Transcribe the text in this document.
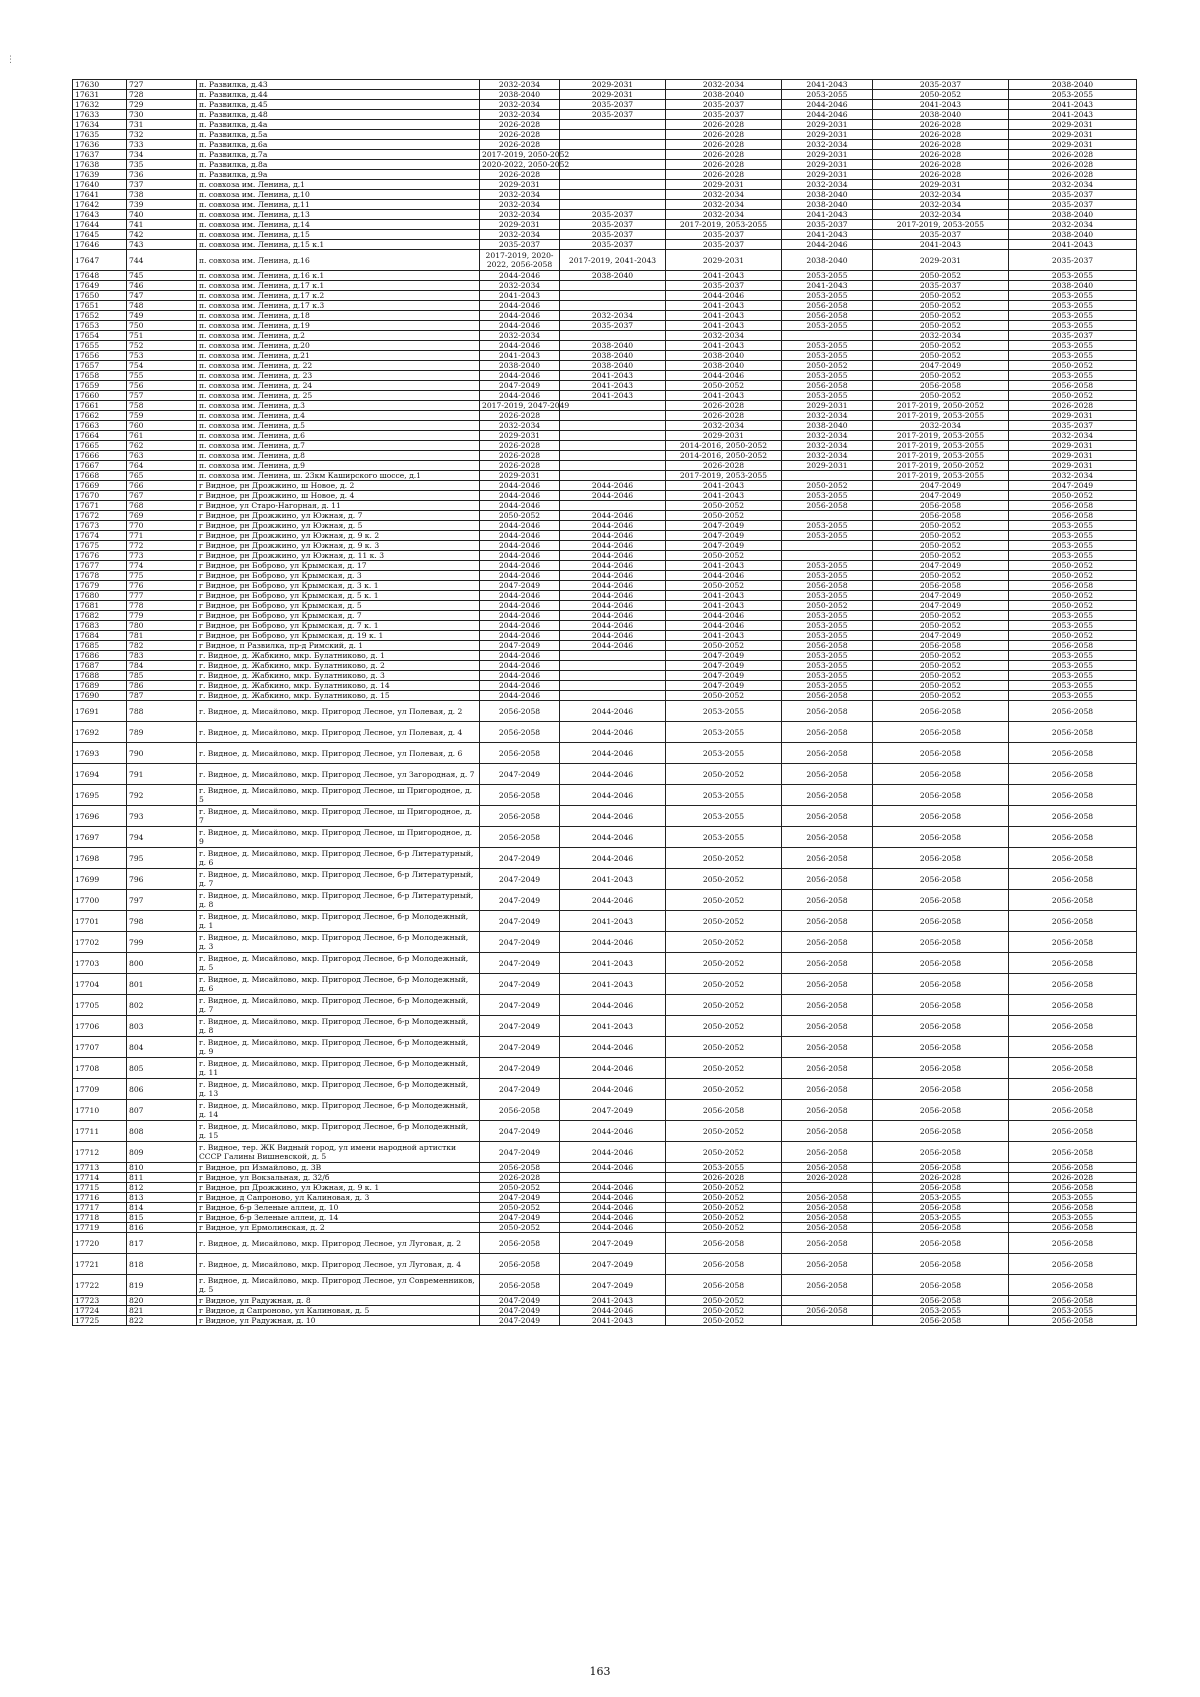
⋮
17630	727	п. Развилка, д.43	2032-2034	2029-2031	2032-2034	2041-2043	2035-2037	2038-2040
17631	728	п. Развилка, д.44	2038-2040	2029-2031	2038-2040	2053-2055	2050-2052	2053-2055
17632	729	п. Развилка, д.45	2032-2034	2035-2037	2035-2037	2044-2046	2041-2043	2041-2043
17633	730	п. Развилка, д.48	2032-2034	2035-2037	2035-2037	2044-2046	2038-2040	2041-2043
17634	731	п. Развилка, д.4а	2026-2028		2026-2028	2029-2031	2026-2028	2029-2031
17635	732	п. Развилка, д.5а	2026-2028		2026-2028	2029-2031	2026-2028	2029-2031
17636	733	п. Развилка, д.6а	2026-2028		2026-2028	2032-2034	2026-2028	2029-2031
17637	734	п. Развилка, д.7а	2017-2019, 2050-2052		2026-2028	2029-2031	2026-2028	2026-2028
17638	735	п. Развилка, д.8а	2020-2022, 2050-2052		2026-2028	2029-2031	2026-2028	2026-2028
17639	736	п. Развилка, д.9а	2026-2028		2026-2028	2029-2031	2026-2028	2026-2028
17640	737	п. совхоза им. Ленина, д.1	2029-2031		2029-2031	2032-2034	2029-2031	2032-2034
17641	738	п. совхоза им. Ленина, д.10	2032-2034		2032-2034	2038-2040	2032-2034	2035-2037
17642	739	п. совхоза им. Ленина, д.11	2032-2034		2032-2034	2038-2040	2032-2034	2035-2037
17643	740	п. совхоза им. Ленина, д.13	2032-2034	2035-2037	2032-2034	2041-2043	2032-2034	2038-2040
17644	741	п. совхоза им. Ленина, д.14	2029-2031	2035-2037	2017-2019, 2053-2055	2035-2037	2017-2019, 2053-2055	2032-2034
17645	742	п. совхоза им. Ленина, д.15	2032-2034	2035-2037	2035-2037	2041-2043	2035-2037	2038-2040
17646	743	п. совхоза им. Ленина, д.15 к.1	2035-2037	2035-2037	2035-2037	2044-2046	2041-2043	2041-2043
17647	744	п. совхоза им. Ленина, д.16	2017-2019, 2020-2022, 2056-2058	2017-2019, 2041-2043	2029-2031	2038-2040	2029-2031	2035-2037
17648	745	п. совхоза им. Ленина, д.16 к.1	2044-2046	2038-2040	2041-2043	2053-2055	2050-2052	2053-2055
17649	746	п. совхоза им. Ленина, д.17 к.1	2032-2034		2035-2037	2041-2043	2035-2037	2038-2040
17650	747	п. совхоза им. Ленина, д.17 к.2	2041-2043		2044-2046	2053-2055	2050-2052	2053-2055
17651	748	п. совхоза им. Ленина, д.17 к.3	2044-2046		2041-2043	2056-2058	2050-2052	2053-2055
17652	749	п. совхоза им. Ленина, д.18	2044-2046	2032-2034	2041-2043	2056-2058	2050-2052	2053-2055
17653	750	п. совхоза им. Ленина, д.19	2044-2046	2035-2037	2041-2043	2053-2055	2050-2052	2053-2055
17654	751	п. совхоза им. Ленина, д.2	2032-2034		2032-2034		2032-2034	2035-2037
17655	752	п. совхоза им. Ленина, д.20	2044-2046	2038-2040	2041-2043	2053-2055	2050-2052	2053-2055
17656	753	п. совхоза им. Ленина, д.21	2041-2043	2038-2040	2038-2040	2053-2055	2050-2052	2053-2055
17657	754	п. совхоза им. Ленина, д. 22	2038-2040	2038-2040	2038-2040	2050-2052	2047-2049	2050-2052
17658	755	п. совхоза им. Ленина, д. 23	2044-2046	2041-2043	2044-2046	2053-2055	2050-2052	2053-2055
17659	756	п. совхоза им. Ленина, д. 24	2047-2049	2041-2043	2050-2052	2056-2058	2056-2058	2056-2058
17660	757	п. совхоза им. Ленина, д. 25	2044-2046	2041-2043	2041-2043	2053-2055	2050-2052	2050-2052
17661	758	п. совхоза им. Ленина, д.3	2017-2019, 2047-2049		2026-2028	2029-2031	2017-2019, 2050-2052	2026-2028
17662	759	п. совхоза им. Ленина, д.4	2026-2028		2026-2028	2032-2034	2017-2019, 2053-2055	2029-2031
17663	760	п. совхоза им. Ленина, д.5	2032-2034		2032-2034	2038-2040	2032-2034	2035-2037
17664	761	п. совхоза им. Ленина, д.6	2029-2031		2029-2031	2032-2034	2017-2019, 2053-2055	2032-2034
17665	762	п. совхоза им. Ленина, д.7	2026-2028		2014-2016, 2050-2052	2032-2034	2017-2019, 2053-2055	2029-2031
17666	763	п. совхоза им. Ленина, д.8	2026-2028		2014-2016, 2050-2052	2032-2034	2017-2019, 2053-2055	2029-2031
17667	764	п. совхоза им. Ленина, д.9	2026-2028		2026-2028	2029-2031	2017-2019, 2050-2052	2029-2031
17668	765	п. совхоза им. Ленина, ш. 23км Каширского шоссе, д.1	2029-2031		2017-2019, 2053-2055		2017-2019, 2053-2055	2032-2034
17669	766	г Видное, рн Дрожжино, ш Новое, д. 2	2044-2046	2044-2046	2041-2043	2050-2052	2047-2049	2047-2049
17670	767	г Видное, рн Дрожжино, ш Новое, д. 4	2044-2046	2044-2046	2041-2043	2053-2055	2047-2049	2050-2052
17671	768	г Видное, ул Старо-Нагорная, д. 11	2044-2046		2050-2052	2056-2058	2056-2058	2056-2058
17672	769	г Видное, рн Дрожжино, ул Южная, д. 7	2050-2052	2044-2046	2050-2052		2056-2058	2056-2058
17673	770	г Видное, рн Дрожжино, ул Южная, д. 5	2044-2046	2044-2046	2047-2049	2053-2055	2050-2052	2053-2055
17674	771	г Видное, рн Дрожжино, ул Южная, д. 9 к. 2	2044-2046	2044-2046	2047-2049	2053-2055	2050-2052	2053-2055
17675	772	г Видное, рн Дрожжино, ул Южная, д. 9 к. 3	2044-2046	2044-2046	2047-2049		2050-2052	2053-2055
17676	773	г Видное, рн Дрожжино, ул Южная, д. 11 к. 3	2044-2046	2044-2046	2050-2052		2050-2052	2053-2055
17677	774	г Видное, рн Боброво, ул Крымская, д. 17	2044-2046	2044-2046	2041-2043	2053-2055	2047-2049	2050-2052
17678	775	г Видное, рн Боброво, ул Крымская, д. 3	2044-2046	2044-2046	2044-2046	2053-2055	2050-2052	2050-2052
17679	776	г Видное, рн Боброво, ул Крымская, д. 3 к. 1	2047-2049	2044-2046	2050-2052	2056-2058	2056-2058	2056-2058
17680	777	г Видное, рн Боброво, ул Крымская, д. 5 к. 1	2044-2046	2044-2046	2041-2043	2053-2055	2047-2049	2050-2052
17681	778	г Видное, рн Боброво, ул Крымская, д. 5	2044-2046	2044-2046	2041-2043	2050-2052	2047-2049	2050-2052
17682	779	г Видное, рн Боброво, ул Крымская, д. 7	2044-2046	2044-2046	2044-2046	2053-2055	2050-2052	2053-2055
17683	780	г Видное, рн Боброво, ул Крымская, д. 7 к. 1	2044-2046	2044-2046	2044-2046	2053-2055	2050-2052	2053-2055
17684	781	г Видное, рн Боброво, ул Крымская, д. 19 к. 1	2044-2046	2044-2046	2041-2043	2053-2055	2047-2049	2050-2052
17685	782	г Видное, п Развилка, пр-д Римский, д. 1	2047-2049	2044-2046	2050-2052	2056-2058	2056-2058	2056-2058
17686	783	г. Видное, д. Жабкино, мкр. Булатниково, д. 1	2044-2046		2047-2049	2053-2055	2050-2052	2053-2055
17687	784	г. Видное, д. Жабкино, мкр. Булатниково, д. 2	2044-2046		2047-2049	2053-2055	2050-2052	2053-2055
17688	785	г. Видное, д. Жабкино, мкр. Булатниково, д. 3	2044-2046		2047-2049	2053-2055	2050-2052	2053-2055
17689	786	г. Видное, д. Жабкино, мкр. Булатниково, д. 14	2044-2046		2047-2049	2053-2055	2050-2052	2053-2055
17690	787	г. Видное, д. Жабкино, мкр. Булатниково, д. 15	2044-2046		2050-2052	2056-2058	2050-2052	2053-2055
17691	788	г. Видное, д. Мисайлово, мкр. Пригород Лесное, ул Полевая, д. 2	2056-2058	2044-2046	2053-2055	2056-2058	2056-2058	2056-2058
17692	789	г. Видное, д. Мисайлово, мкр. Пригород Лесное, ул Полевая, д. 4	2056-2058	2044-2046	2053-2055	2056-2058	2056-2058	2056-2058
17693	790	г. Видное, д. Мисайлово, мкр. Пригород Лесное, ул Полевая, д. 6	2056-2058	2044-2046	2053-2055	2056-2058	2056-2058	2056-2058
17694	791	г. Видное, д. Мисайлово, мкр. Пригород Лесное, ул Загородная, д. 7	2047-2049	2044-2046	2050-2052	2056-2058	2056-2058	2056-2058
17695	792	г. Видное, д. Мисайлово, мкр. Пригород Лесное, ш Пригородное, д. 5	2056-2058	2044-2046	2053-2055	2056-2058	2056-2058	2056-2058
17696	793	г. Видное, д. Мисайлово, мкр. Пригород Лесное, ш Пригородное, д. 7	2056-2058	2044-2046	2053-2055	2056-2058	2056-2058	2056-2058
17697	794	г. Видное, д. Мисайлово, мкр. Пригород Лесное, ш Пригородное, д. 9	2056-2058	2044-2046	2053-2055	2056-2058	2056-2058	2056-2058
17698	795	г. Видное, д. Мисайлово, мкр. Пригород Лесное, б-р Литературный, д. 6	2047-2049	2044-2046	2050-2052	2056-2058	2056-2058	2056-2058
17699	796	г. Видное, д. Мисайлово, мкр. Пригород Лесное, б-р Литературный, д. 7	2047-2049	2041-2043	2050-2052	2056-2058	2056-2058	2056-2058
17700	797	г. Видное, д. Мисайлово, мкр. Пригород Лесное, б-р Литературный, д. 8	2047-2049	2044-2046	2050-2052	2056-2058	2056-2058	2056-2058
17701	798	г. Видное, д. Мисайлово, мкр. Пригород Лесное, б-р Молодежный, д. 1	2047-2049	2041-2043	2050-2052	2056-2058	2056-2058	2056-2058
17702	799	г. Видное, д. Мисайлово, мкр. Пригород Лесное, б-р Молодежный, д. 3	2047-2049	2044-2046	2050-2052	2056-2058	2056-2058	2056-2058
17703	800	г. Видное, д. Мисайлово, мкр. Пригород Лесное, б-р Молодежный, д. 5	2047-2049	2041-2043	2050-2052	2056-2058	2056-2058	2056-2058
17704	801	г. Видное, д. Мисайлово, мкр. Пригород Лесное, б-р Молодежный, д. 6	2047-2049	2041-2043	2050-2052	2056-2058	2056-2058	2056-2058
17705	802	г. Видное, д. Мисайлово, мкр. Пригород Лесное, б-р Молодежный, д. 7	2047-2049	2044-2046	2050-2052	2056-2058	2056-2058	2056-2058
17706	803	г. Видное, д. Мисайлово, мкр. Пригород Лесное, б-р Молодежный, д. 8	2047-2049	2041-2043	2050-2052	2056-2058	2056-2058	2056-2058
17707	804	г. Видное, д. Мисайлово, мкр. Пригород Лесное, б-р Молодежный, д. 9	2047-2049	2044-2046	2050-2052	2056-2058	2056-2058	2056-2058
17708	805	г. Видное, д. Мисайлово, мкр. Пригород Лесное, б-р Молодежный, д. 11	2047-2049	2044-2046	2050-2052	2056-2058	2056-2058	2056-2058
17709	806	г. Видное, д. Мисайлово, мкр. Пригород Лесное, б-р Молодежный, д. 13	2047-2049	2044-2046	2050-2052	2056-2058	2056-2058	2056-2058
17710	807	г. Видное, д. Мисайлово, мкр. Пригород Лесное, б-р Молодежный, д. 14	2056-2058	2047-2049	2056-2058	2056-2058	2056-2058	2056-2058
17711	808	г. Видное, д. Мисайлово, мкр. Пригород Лесное, б-р Молодежный, д. 15	2047-2049	2044-2046	2050-2052	2056-2058	2056-2058	2056-2058
17712	809	г. Видное, тер. ЖК Видный город, ул имени народной артистки СССР Галины Вишневской, д. 5	2047-2049	2044-2046	2050-2052	2056-2058	2056-2058	2056-2058
17713	810	г Видное, рп Измайлово, д. 3В	2056-2058	2044-2046	2053-2055	2056-2058	2056-2058	2056-2058
17714	811	г Видное, ул Вокзальная, д. 32/б	2026-2028		2026-2028	2026-2028	2026-2028	2026-2028
17715	812	г Видное, рп Дрожжино, ул Южная, д. 9 к. 1	2050-2052	2044-2046	2050-2052		2056-2058	2056-2058
17716	813	г Видное, д Сапроново, ул Калиновая, д. 3	2047-2049	2044-2046	2050-2052	2056-2058	2053-2055	2053-2055
17717	814	г Видное, б-р Зеленые аллеи, д. 10	2050-2052	2044-2046	2050-2052	2056-2058	2056-2058	2056-2058
17718	815	г Видное, б-р Зеленые аллеи, д. 14	2047-2049	2044-2046	2050-2052	2056-2058	2053-2055	2053-2055
17719	816	г Видное, ул Ермолинская, д. 2	2050-2052	2044-2046	2050-2052	2056-2058	2056-2058	2056-2058
17720	817	г. Видное, д. Мисайлово, мкр. Пригород Лесное, ул Луговая, д. 2	2056-2058	2047-2049	2056-2058	2056-2058	2056-2058	2056-2058
17721	818	г. Видное, д. Мисайлово, мкр. Пригород Лесное, ул Луговая, д. 4	2056-2058	2047-2049	2056-2058	2056-2058	2056-2058	2056-2058
17722	819	г. Видное, д. Мисайлово, мкр. Пригород Лесное, ул Современников, д. 5	2056-2058	2047-2049	2056-2058	2056-2058	2056-2058	2056-2058
17723	820	г Видное, ул Радужная, д. 8	2047-2049	2041-2043	2050-2052		2056-2058	2056-2058
17724	821	г Видное, д Сапроново, ул Калиновая, д. 5	2047-2049	2044-2046	2050-2052	2056-2058	2053-2055	2053-2055
17725	822	г Видное, ул Радужная, д. 10	2047-2049	2041-2043	2050-2052		2056-2058	2056-2058
163
